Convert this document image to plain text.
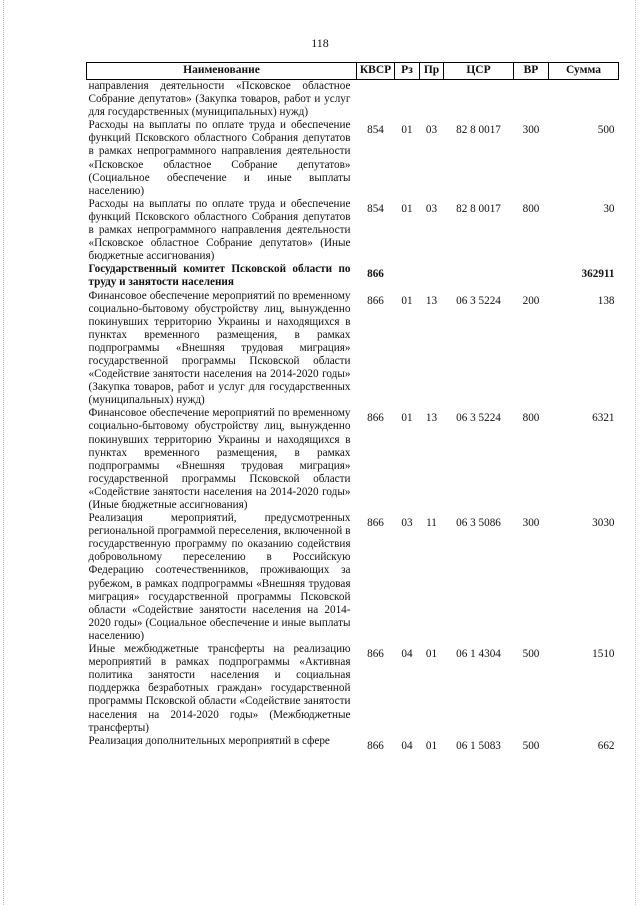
118
Наименование	КВСР	Рз	Пр	ЦСР	ВР	Сумма
направления деятельности «Псковское областное Собрание депутатов» (Закупка товаров, работ и услуг для государственных (муниципальных) нужд)						
Расходы на выплаты по оплате труда и обеспечение функций Псковского областного Собрания депутатов в рамках непрограммного направления деятельности «Псковское областное Собрание депутатов» (Социальное обеспечение и иные выплаты населению)	854	01	03	82 8 0017	300	500
Расходы на выплаты по оплате труда и обеспечение функций Псковского областного Собрания депутатов в рамках непрограммного направления деятельности «Псковское областное Собрание депутатов» (Иные бюджетные ассигнования)	854	01	03	82 8 0017	800	30
Государственный комитет Псковской области по труду и занятости населения	866					362911
Финансовое обеспечение мероприятий по временному социально-бытовому обустройству лиц, вынужденно покинувших территорию Украины и находящихся в пунктах временного размещения, в рамках подпрограммы «Внешняя трудовая миграция» государственной программы Псковской области «Содействие занятости населения на 2014-2020 годы» (Закупка товаров, работ и услуг для государственных (муниципальных) нужд)	866	01	13	06 3 5224	200	138
Финансовое обеспечение мероприятий по временному социально-бытовому обустройству лиц, вынужденно покинувших территорию Украины и находящихся в пунктах временного размещения, в рамках подпрограммы «Внешняя трудовая миграция» государственной программы Псковской области «Содействие занятости населения на 2014-2020 годы» (Иные бюджетные ассигнования)	866	01	13	06 3 5224	800	6321
Реализация мероприятий, предусмотренных региональной программой переселения, включенной в государственную программу по оказанию содействия добровольному переселению в Российскую Федерацию соотечественников, проживающих за рубежом, в рамках подпрограммы «Внешняя трудовая миграция» государственной программы Псковской области «Содействие занятости населения на 2014-2020 годы» (Социальное обеспечение и иные выплаты населению)	866	03	11	06 3 5086	300	3030
Иные межбюджетные трансферты на реализацию мероприятий в рамках подпрограммы «Активная политика занятости населения и социальная поддержка безработных граждан» государственной программы Псковской области «Содействие занятости населения на 2014-2020 годы» (Межбюджетные трансферты)	866	04	01	06 1 4304	500	1510
Реализация дополнительных мероприятий в сфере	866	04	01	06 1 5083	500	662
